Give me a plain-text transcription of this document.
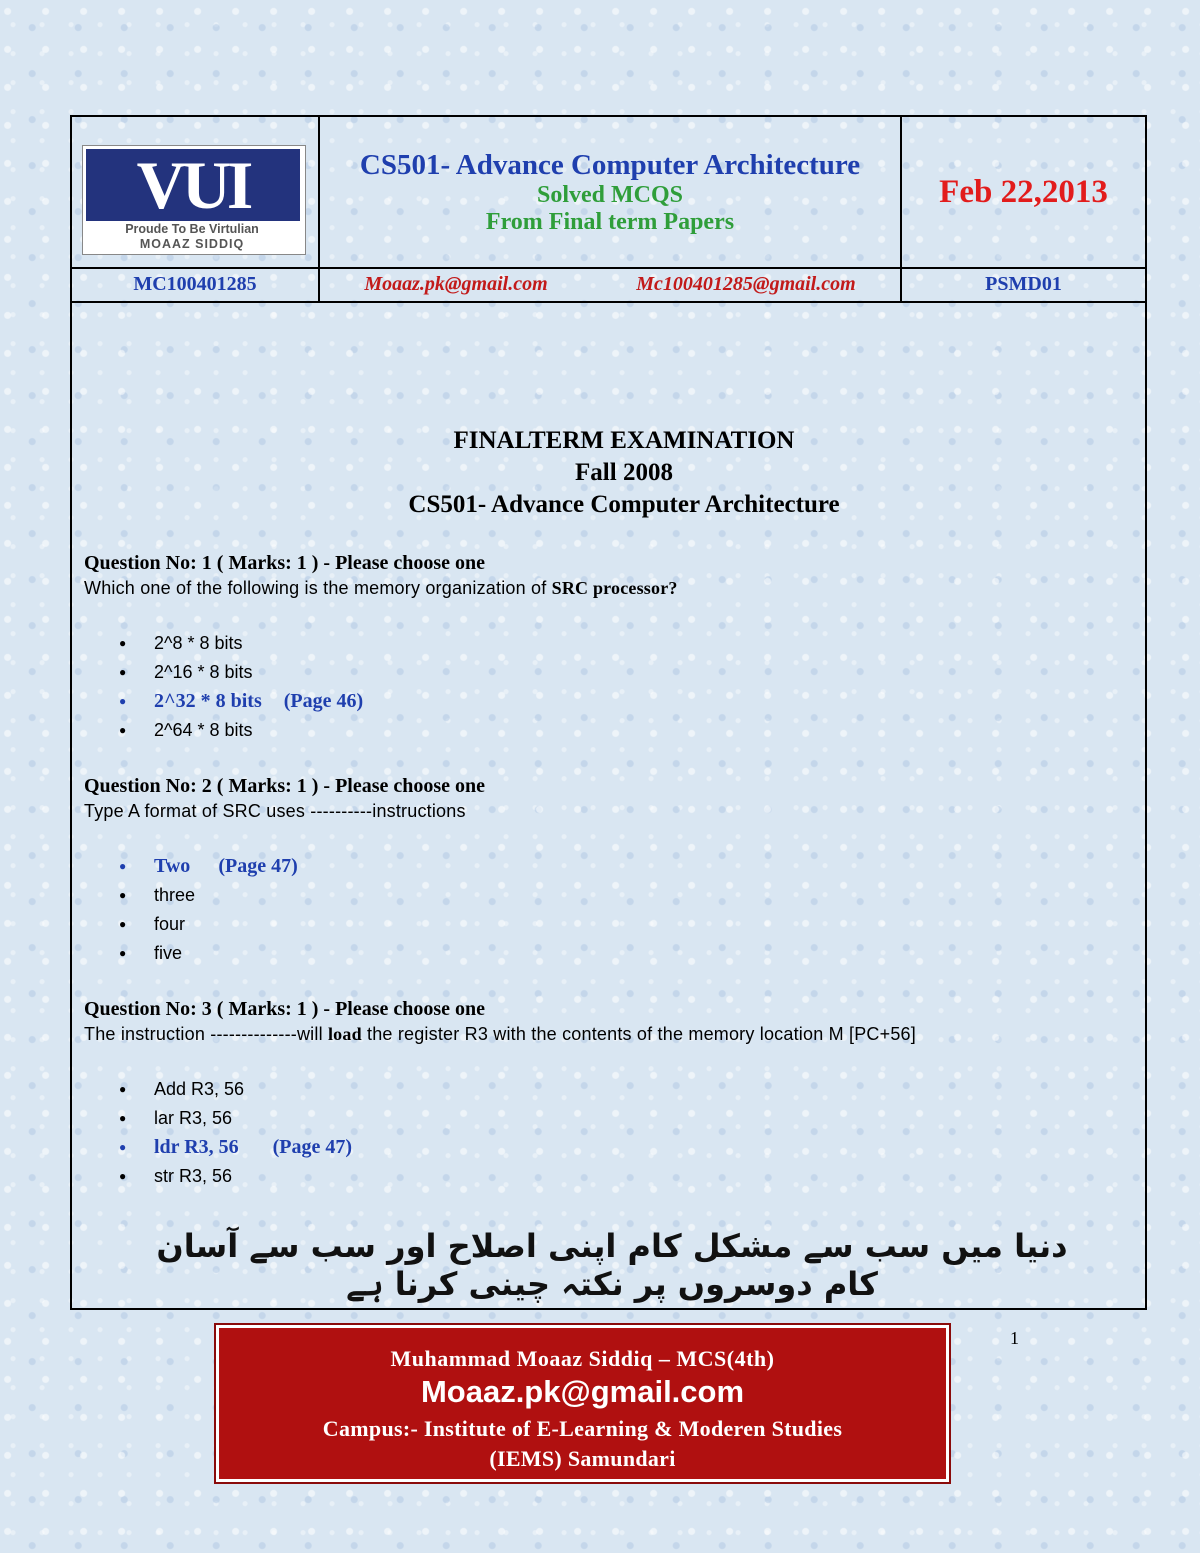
VUI
Proude To Be Virtulian
MOAAZ SIDDIQ
CS501- Advance Computer Architecture
Solved MCQS
From Final term Papers
Feb 22,2013
MC100401285	Moaaz.pk@gmail.com	Mc100401285@gmail.com	PSMD01
FINALTERM EXAMINATION
Fall 2008
CS501- Advance Computer Architecture
Question No: 1 ( Marks: 1 ) - Please choose one
Which one of the following is the memory organization of SRC processor?
● 2^8 * 8 bits
● 2^16 * 8 bits
● 2^32 * 8 bits (Page 46)
● 2^64 * 8 bits
Question No: 2 ( Marks: 1 ) - Please choose one
Type A format of SRC uses ----------instructions
● Two (Page 47)
● three
● four
● five
Question No: 3 ( Marks: 1 ) - Please choose one
The instruction --------------will load the register R3 with the contents of the memory location M [PC+56]
● Add R3, 56
● lar R3, 56
● ldr R3, 56 (Page 47)
● str R3, 56
دنیا میں سب سے مشکل کام اپنی اصلاح اور سب سے آسان کام دوسروں پر نکتہ چینی کرنا ہے
1
Muhammad Moaaz Siddiq – MCS(4th)
Moaaz.pk@gmail.com
Campus:- Institute of E-Learning & Moderen Studies
(IEMS) Samundari
